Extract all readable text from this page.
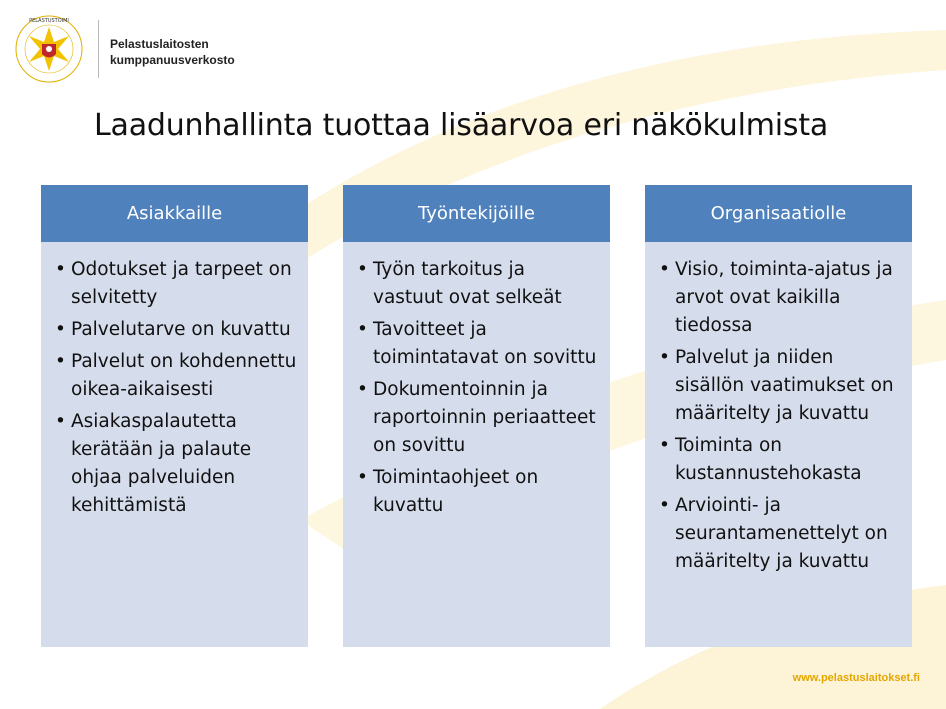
PELASTUSTOIMI
Pelastuslaitosten
kumppanuusverkosto
Laadunhallinta tuottaa lisäarvoa eri näkökulmista
Asiakkaille
• Odotukset ja tarpeet on selvitetty
• Palvelutarve on kuvattu
• Palvelut on kohdennettu oikea-aikaisesti
• Asiakaspalautetta kerätään ja palaute ohjaa palveluiden kehittämistä
Työntekijöille
• Työn tarkoitus ja vastuut ovat selkeät
• Tavoitteet ja toimintatavat on sovittu
• Dokumentoinnin ja raportoinnin periaatteet on sovittu
• Toimintaohjeet on kuvattu
Organisaatiolle
• Visio, toiminta-ajatus ja arvot ovat kaikilla tiedossa
• Palvelut ja niiden sisällön vaatimukset on määritelty ja kuvattu
• Toiminta on kustannustehokasta
• Arviointi- ja seurantamenettelyt on määritelty ja kuvattu
www.pelastuslaitokset.fi
